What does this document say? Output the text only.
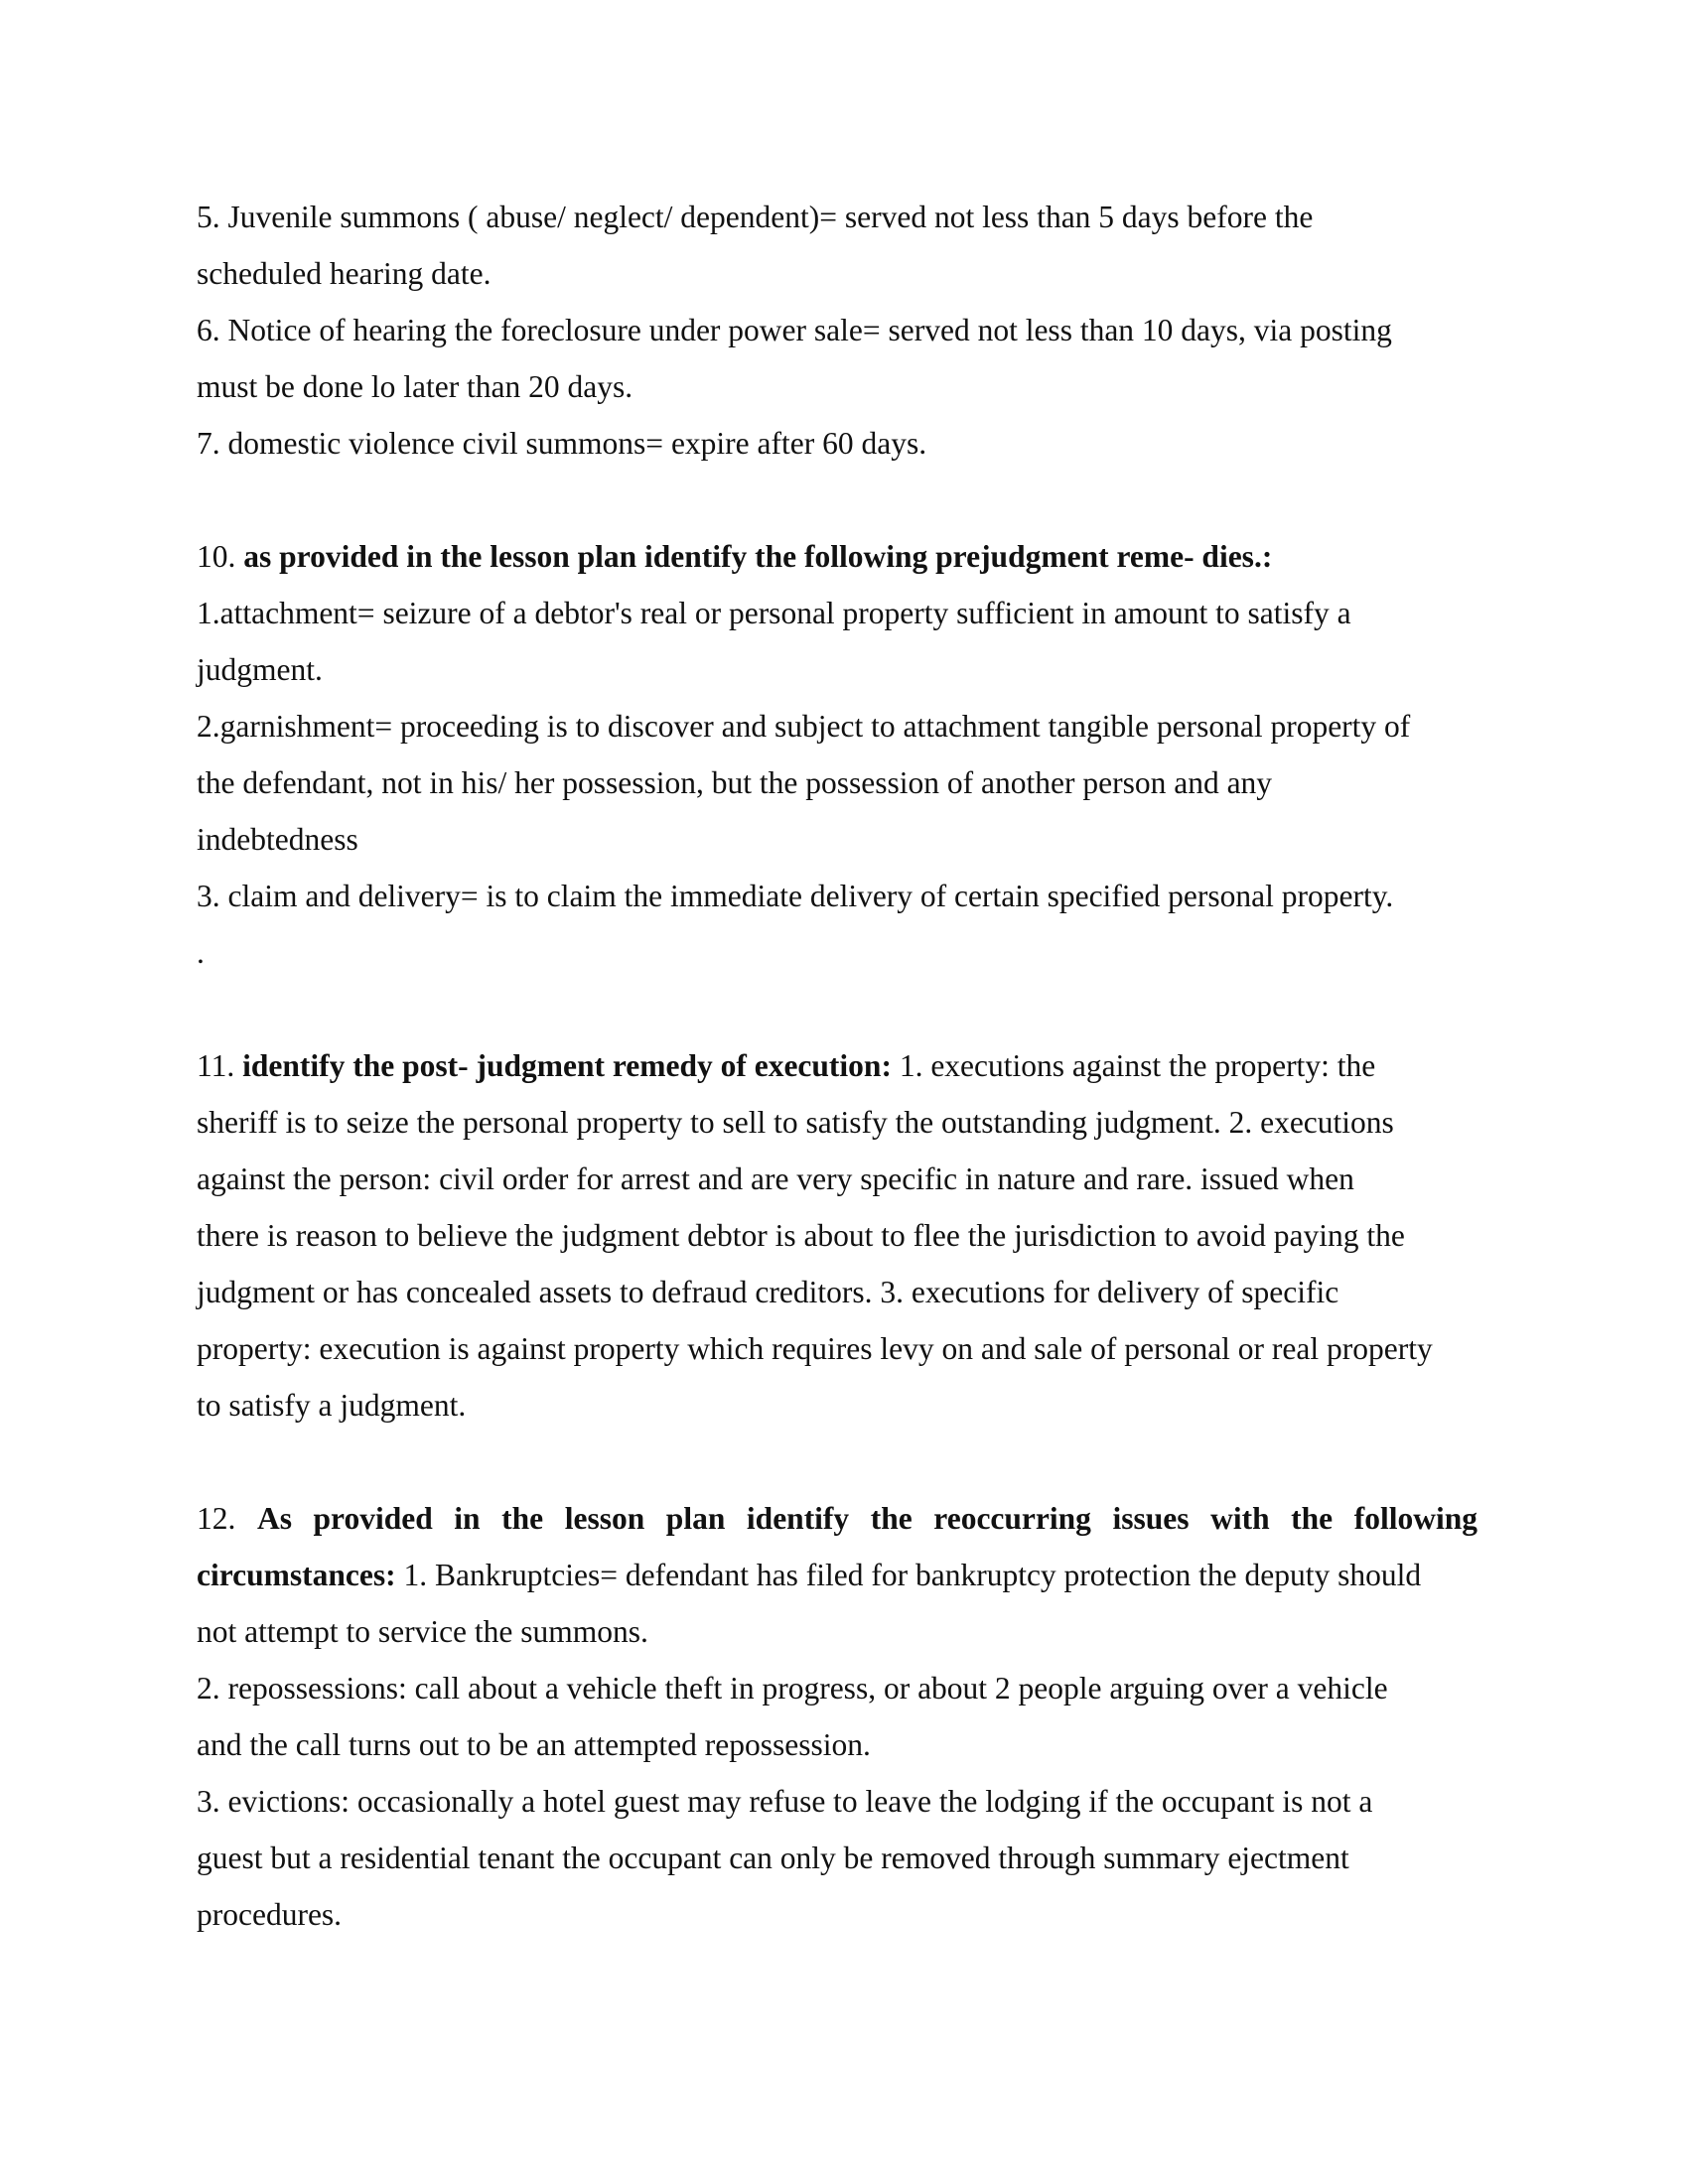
5. Juvenile summons ( abuse/ neglect/ dependent)= served not less than 5 days before the
scheduled hearing date.
6. Notice of hearing the foreclosure under power sale= served not less than 10 days, via posting
must be done lo later than 20 days.
7. domestic violence civil summons= expire after 60 days.
10. as provided in the lesson plan identify the following prejudgment reme- dies.:
1.attachment= seizure of a debtor's real or personal property sufficient in amount to satisfy a
judgment.
2.garnishment= proceeding is to discover and subject to attachment tangible personal property of
the defendant, not in his/ her possession, but the possession of another person and any
indebtedness
3. claim and delivery= is to claim the immediate delivery of certain specified personal property.
.
11. identify the post- judgment remedy of execution: 1. executions against the property: the
sheriff is to seize the personal property to sell to satisfy the outstanding judgment. 2. executions
against the person: civil order for arrest and are very specific in nature and rare. issued when
there is reason to believe the judgment debtor is about to flee the jurisdiction to avoid paying the
judgment or has concealed assets to defraud creditors. 3. executions for delivery of specific
property: execution is against property which requires levy on and sale of personal or real property
to satisfy a judgment.
12. As provided in the lesson plan identify the reoccurring issues with the following
circumstances: 1. Bankruptcies= defendant has filed for bankruptcy protection the deputy should
not attempt to service the summons.
2. repossessions: call about a vehicle theft in progress, or about 2 people arguing over a vehicle
and the call turns out to be an attempted repossession.
3. evictions: occasionally a hotel guest may refuse to leave the lodging if the occupant is not a
guest but a residential tenant the occupant can only be removed through summary ejectment
procedures.
